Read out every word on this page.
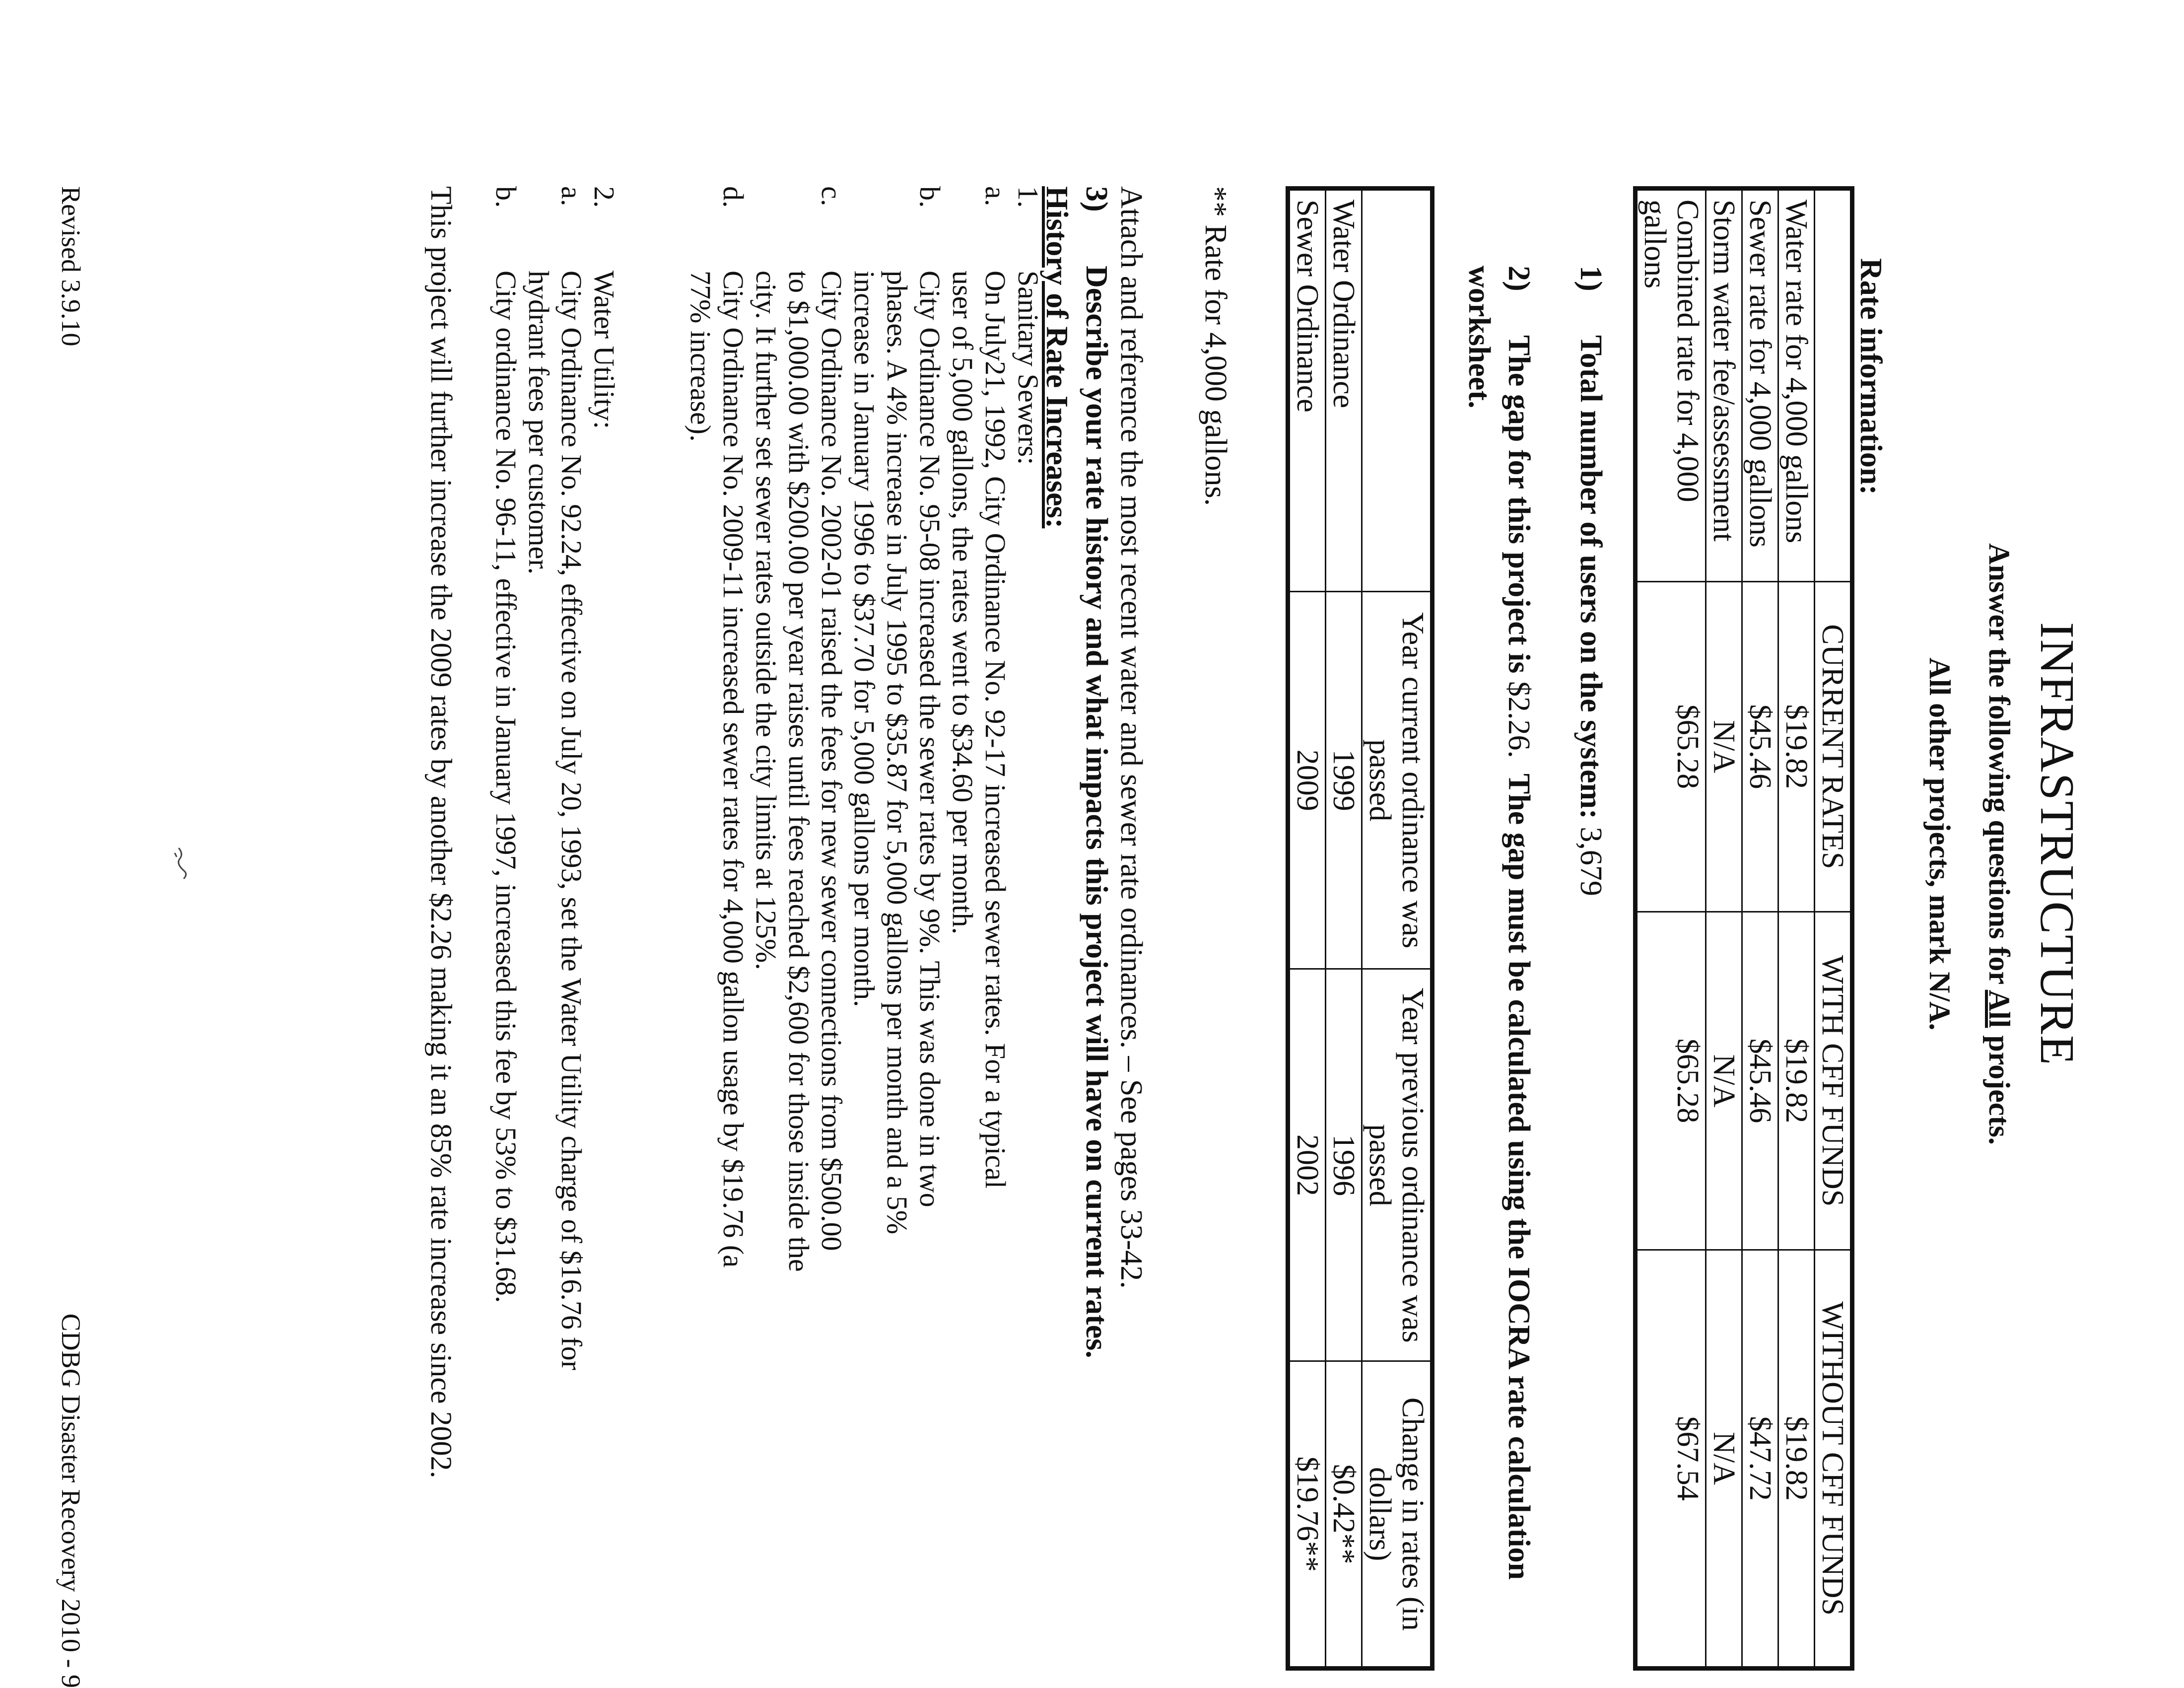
INFRASTRUCTURE
Answer the following questions for All projects.
All other projects, mark N/A.
Rate information:
	CURRENT RATES	WITH CFF FUNDS	WITHOUT CFF FUNDS
Water rate for 4,000 gallons	$19.82	$19.82	$19.82
Sewer rate for 4,000 gallons	$45.46	$45.46	$47.72
Storm water fee/assessment	N/A	N/A	N/A
Combined rate for 4,000 gallons	$65.28	$65.28	$67.54
1)Total number of users on the system: 3,679
2)The gap for this project is $2.26.  The gap must be calculated using the IOCRA rate calculation worksheet.
	Year current ordinance was passed	Year previous ordinance was passed	Change in rates (in dollars)
Water Ordinance	1999	1996	$0.42**
Sewer Ordinance	2009	2002	$19.76**
** Rate for 4,000 gallons.
Attach and reference the most recent water and sewer rate ordinances. – See pages 33-42.
3)Describe your rate history and what impacts this project will have on current rates.
History of Rate Increases:
1.
Sanitary Sewers:
a.
On July21, 1992, City Ordinance No. 92-17 increased sewer rates. For a typical
user of 5,000 gallons, the rates went to $34.60 per month.
b.
City Ordinance No. 95-08 increased the sewer rates by 9%. This was done in two
phases. A 4% increase in July 1995 to $35.87 for 5,000 gallons per month and a 5%
increase in January 1996 to $37.70 for 5,000 gallons per month.
c.
City Ordinance No. 2002-01 raised the fees for new sewer connections from $500.00
to $1,000.00 with $200.00 per year raises until fees reached $2,600 for those inside the
city. It further set sewer rates outside the city limits at 125%.
d.
City Ordinance No. 2009-11 increased sewer rates for 4,000 gallon usage by $19.76 (a
77% increase).
2.
Water Utility:
a.
City Ordinance No. 92.24, effective on July 20, 1993, set the Water Utility charge of $16.76 for
hydrant fees per customer.
b.
City ordinance No. 96-11, effective in January 1997, increased this fee by 53% to $31.68.
This project will further increase the 2009 rates by another $2.26 making it an 85% rate increase since 2002.
Revised 3.9.10
CDBG Disaster Recovery 2010 - 9
